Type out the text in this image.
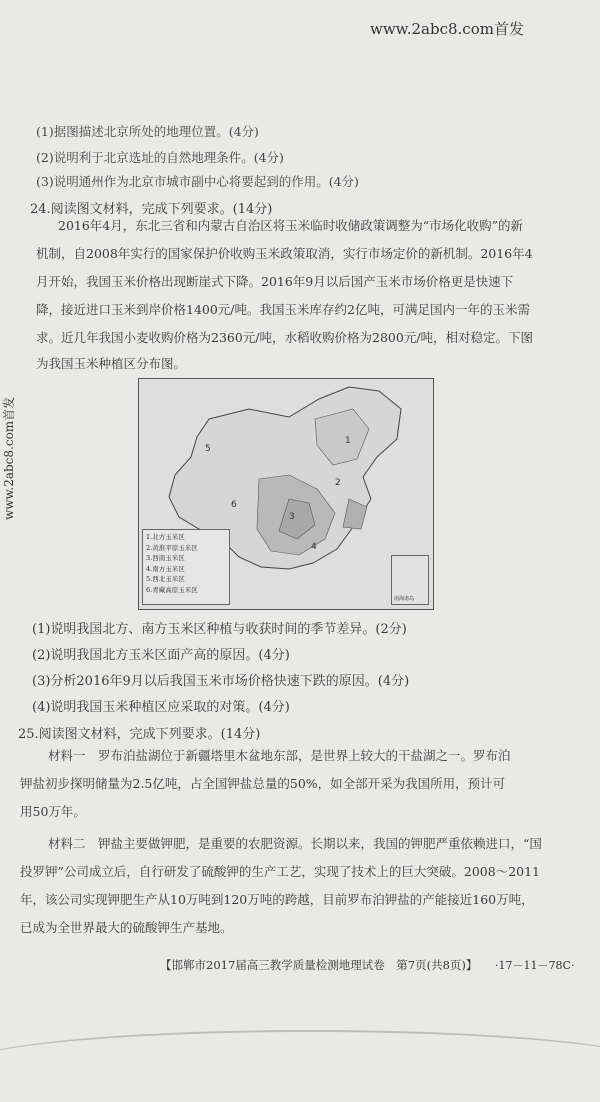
www.2abc8.com首发
(1)据图描述北京所处的地理位置。(4分)
(2)说明利于北京选址的自然地理条件。(4分)
(3)说明通州作为北京市城市副中心将要起到的作用。(4分)
24.阅读图文材料，完成下列要求。(14分)
2016年4月，东北三省和内蒙古自治区将玉米临时收储政策调整为“市场化收购”的新
机制，自2008年实行的国家保护价收购玉米政策取消，实行市场定价的新机制。2016年4
月开始，我国玉米价格出现断崖式下降。2016年9月以后国产玉米市场价格更是快速下
降，接近进口玉米到岸价格1400元/吨。我国玉米库存约2亿吨，可满足国内一年的玉米需
求。近几年我国小麦收购价格为2360元/吨，水稻收购价格为2800元/吨，相对稳定。下图
为我国玉米种植区分布图。
5
1
6
2
3
4
1.北方玉米区
2.黄淮平原玉米区
3.西南玉米区
4.南方玉米区
5.西北玉米区
6.青藏高原玉米区
南海诸岛
www.2abc8.com首发
(1)说明我国北方、南方玉米区种植与收获时间的季节差异。(2分)
(2)说明我国北方玉米区面产高的原因。(4分)
(3)分析2016年9月以后我国玉米市场价格快速下跌的原因。(4分)
(4)说明我国玉米种植区应采取的对策。(4分)
25.阅读图文材料，完成下列要求。(14分)
材料一　罗布泊盐湖位于新疆塔里木盆地东部，是世界上较大的干盐湖之一。罗布泊
钾盐初步探明储量为2.5亿吨，占全国钾盐总量的50%，如全部开采为我国所用，预计可
用50万年。
材料二　钾盐主要做钾肥，是重要的农肥资源。长期以来，我国的钾肥严重依赖进口，“国
投罗钾”公司成立后，自行研发了硫酸钾的生产工艺，实现了技术上的巨大突破。2008～2011
年，该公司实现钾肥生产从10万吨到120万吨的跨越，目前罗布泊钾盐的产能接近160万吨，
已成为全世界最大的硫酸钾生产基地。
【邯郸市2017届高三教学质量检测地理试卷　第7页(共8页)】 ·17－11－78C·
